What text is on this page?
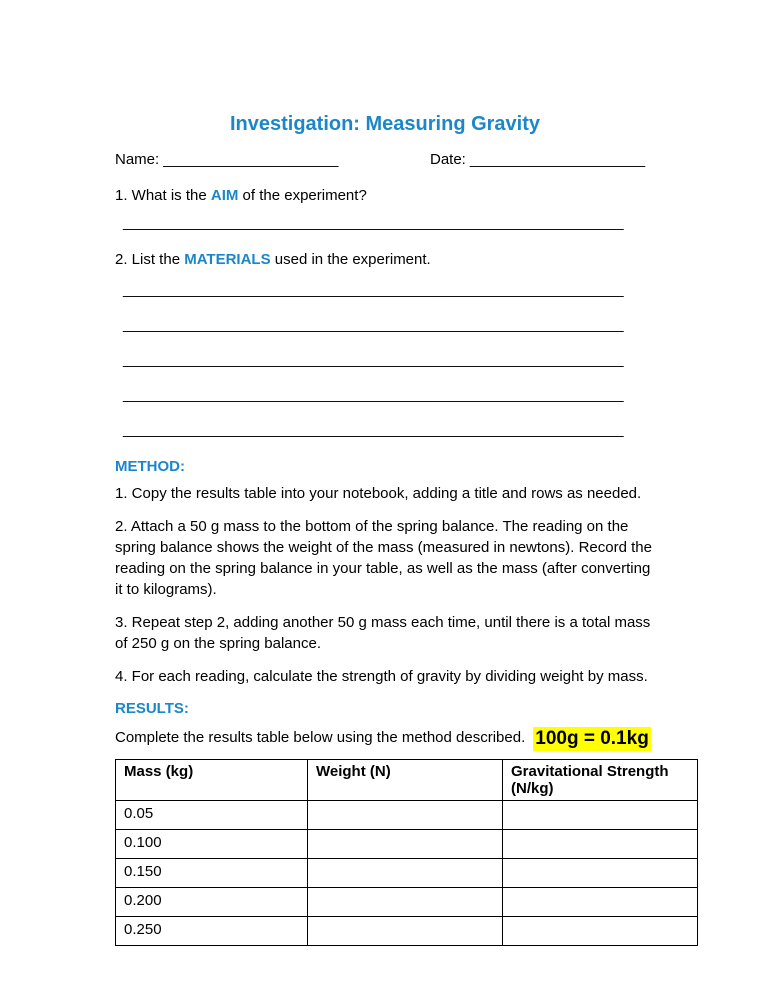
Investigation: Measuring Gravity
Name: _____________________	Date: _____________________

1. What is the AIM of the experiment?

____________________________________________________________

2. List the MATERIALS used in the experiment.

____________________________________________________________

____________________________________________________________

____________________________________________________________

____________________________________________________________

____________________________________________________________

METHOD:

1. Copy the results table into your notebook, adding a title and rows as needed.

2. Attach a 50 g mass to the bottom of the spring balance. The reading on the spring balance shows the weight of the mass (measured in newtons). Record the reading on the spring balance in your table, as well as the mass (after converting it to kilograms).

3. Repeat step 2, adding another 50 g mass each time, until there is a total mass of 250 g on the spring balance.

4. For each reading, calculate the strength of gravity by dividing weight by mass.

RESULTS:

Complete the results table below using the method described. 100g = 0.1kg

Mass (kg)	Weight (N)	Gravitational Strength (N/kg)
0.05		
0.100		
0.150		
0.200		
0.250		
